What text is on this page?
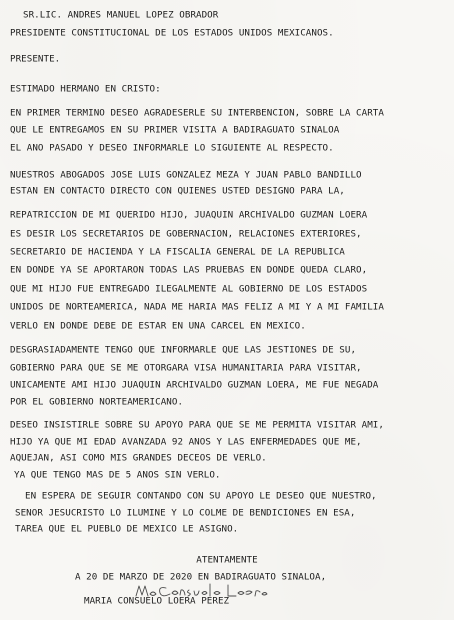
SR.LIC. ANDRES MANUEL LOPEZ OBRADOR
PRESIDENTE CONSTITUCIONAL DE LOS ESTADOS UNIDOS MEXICANOS.
PRESENTE.
ESTIMADO HERMANO EN CRISTO:
EN PRIMER TERMINO DESEO AGRADESERLE SU INTERBENCION, SOBRE LA CARTA
QUE LE ENTREGAMOS EN SU PRIMER VISITA A BADIRAGUATO SINALOA
EL AÑO PASADO Y DESEO INFORMARLE LO SIGUIENTE AL RESPECTO.
NUESTROS ABOGADOS JOSE LUIS GONZALEZ MEZA Y JUAN PABLO BANDILLO
ESTAN EN CONTACTO DIRECTO CON QUIENES USTED DESIGNO PARA LA,
REPATRICCION DE MI QUERIDO HIJO, JUAQUIN ARCHIVALDO GUZMAN LOERA
ES DESIR LOS SECRETARIOS DE GOBERNACION, RELACIONES EXTERIORES,
SECRETARIO DE HACIENDA Y LA FISCALIA GENERAL DE LA REPUBLICA
EN DONDE YA SE APORTARON TODAS LAS PRUEBAS EN DONDE QUEDA CLARO,
QUE MI HIJO FUE ENTREGADO ILEGALMENTE AL GOBIERNO DE LOS ESTADOS
UNIDOS DE NORTEAMERICA, NADA ME HARIA MAS FELIZ A MI Y A MI FAMILIA
VERLO EN DONDE DEBE DE ESTAR EN UNA CARCEL EN MEXICO.
DESGRASIADAMENTE TENGO QUE INFORMARLE QUE LAS JESTIONES DE SU,
GOBIERNO PARA QUE SE ME OTORGARA VISA HUMANITARIA PARA VISITAR,
UNICAMENTE AMI HIJO JUAQUIN ARCHIVALDO GUZMAN LOERA, ME FUE NEGADA
POR EL GOBIERNO NORTEAMERICANO.
DESEO INSISTIRLE SOBRE SU APOYO PARA QUE SE ME PERMITA VISITAR AMI,
HIJO YA QUE MI EDAD AVANZADA 92 AÑOS Y LAS ENFERMEDADES QUE ME,
AQUEJAN, ASI COMO MIS GRANDES DECEOS DE VERLO.
YA QUE TENGO MAS DE 5 AÑOS SIN VERLO.
EN ESPERA DE SEGUIR CONTANDO CON SU APOYO LE DESEO QUE NUESTRO,
SEÑOR JESUCRISTO LO ILUMINE Y LO COLME DE BENDICIONES EN ESA,
TAREA QUE EL PUEBLO DE MEXICO LE ASIGNO.
ATENTAMENTE
A 20 DE MARZO DE 2020 EN BADIRAGUATO SINALOA,
MARIA CONSUELO LOERA PEREZ
